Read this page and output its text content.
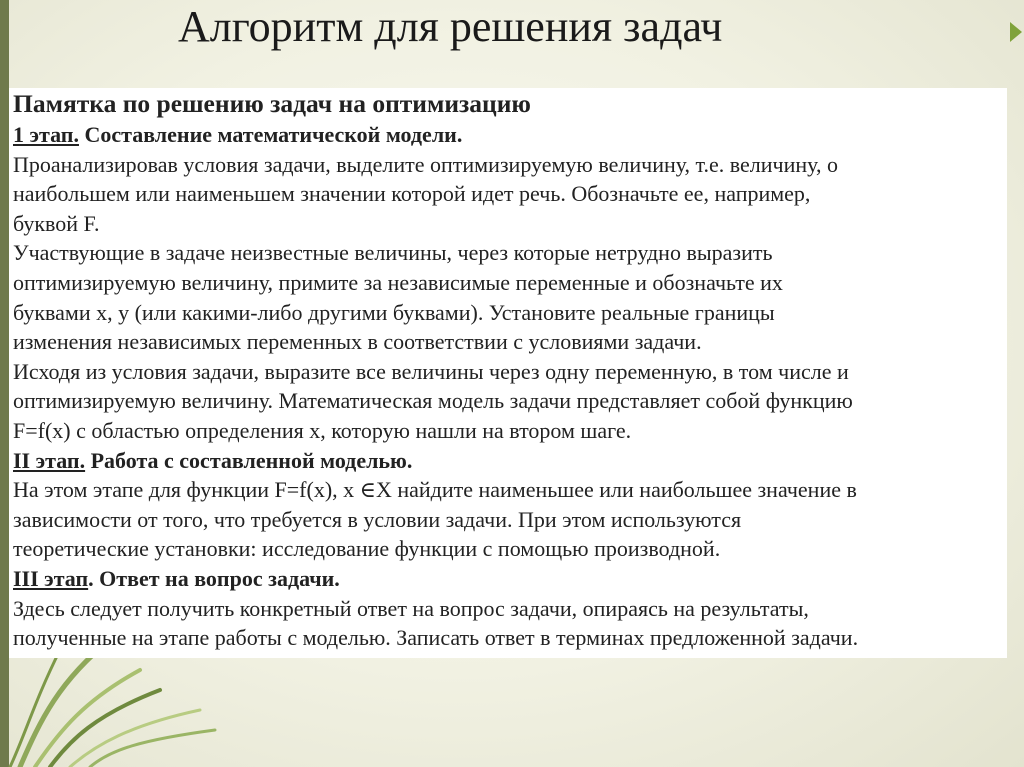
Алгоритм для решения задач

Памятка по решению задач на оптимизацию

1 этап. Составление математической модели.
Проанализировав условия задачи, выделите оптимизируемую величину, т.е. величину, о
наибольшем или наименьшем значении которой идет речь. Обозначьте ее, например,
буквой F.
Участвующие в задаче неизвестные величины, через которые нетрудно выразить
оптимизируемую величину, примите за независимые переменные и обозначьте их
буквами х, у (или какими-либо другими буквами). Установите реальные границы
изменения независимых переменных в соответствии с условиями задачи.
Исходя из условия задачи, выразите все величины через одну переменную, в том числе и
оптимизируемую величину. Математическая модель задачи представляет собой функцию
F=f(x) с областью определения х, которую нашли на втором шаге.
II этап. Работа с составленной моделью.
На этом этапе для функции F=f(x), х ∈X найдите наименьшее или наибольшее значение в
зависимости от того, что требуется в условии задачи. При этом используются
теоретические установки: исследование функции с помощью производной.
III этап. Ответ на вопрос задачи.
Здесь следует получить конкретный ответ на вопрос задачи, опираясь на результаты,
полученные на этапе работы с моделью. Записать ответ в терминах предложенной задачи.
